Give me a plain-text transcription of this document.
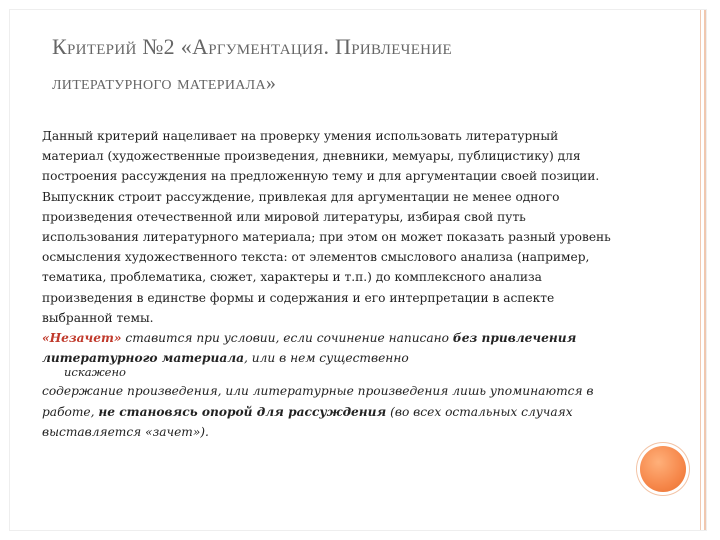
Критерий №2 «Аргументация. Привлечение
литературного материала»

Данный критерий нацеливает на проверку умения использовать литературный материал (художественные произведения, дневники, мемуары, публицистику) для построения рассуждения на предложенную тему и для аргументации своей позиции.

Выпускник строит рассуждение, привлекая для аргументации не менее одного произведения отечественной или мировой литературы, избирая свой путь использования литературного материала; при этом он может показать разный уровень осмысления художественного текста: от элементов смыслового анализа (например, тематика, проблематика, сюжет, характеры и т.п.) до комплексного анализа произведения в единстве формы и содержания и его интерпретации в аспекте выбранной темы.

«Незачет» ставится при условии, если сочинение написано без привлечения литературного материала, или в нем существенно
искажено
содержание произведения, или литературные произведения лишь упоминаются в работе, не становясь опорой для рассуждения (во всех остальных случаях выставляется «зачет»).
